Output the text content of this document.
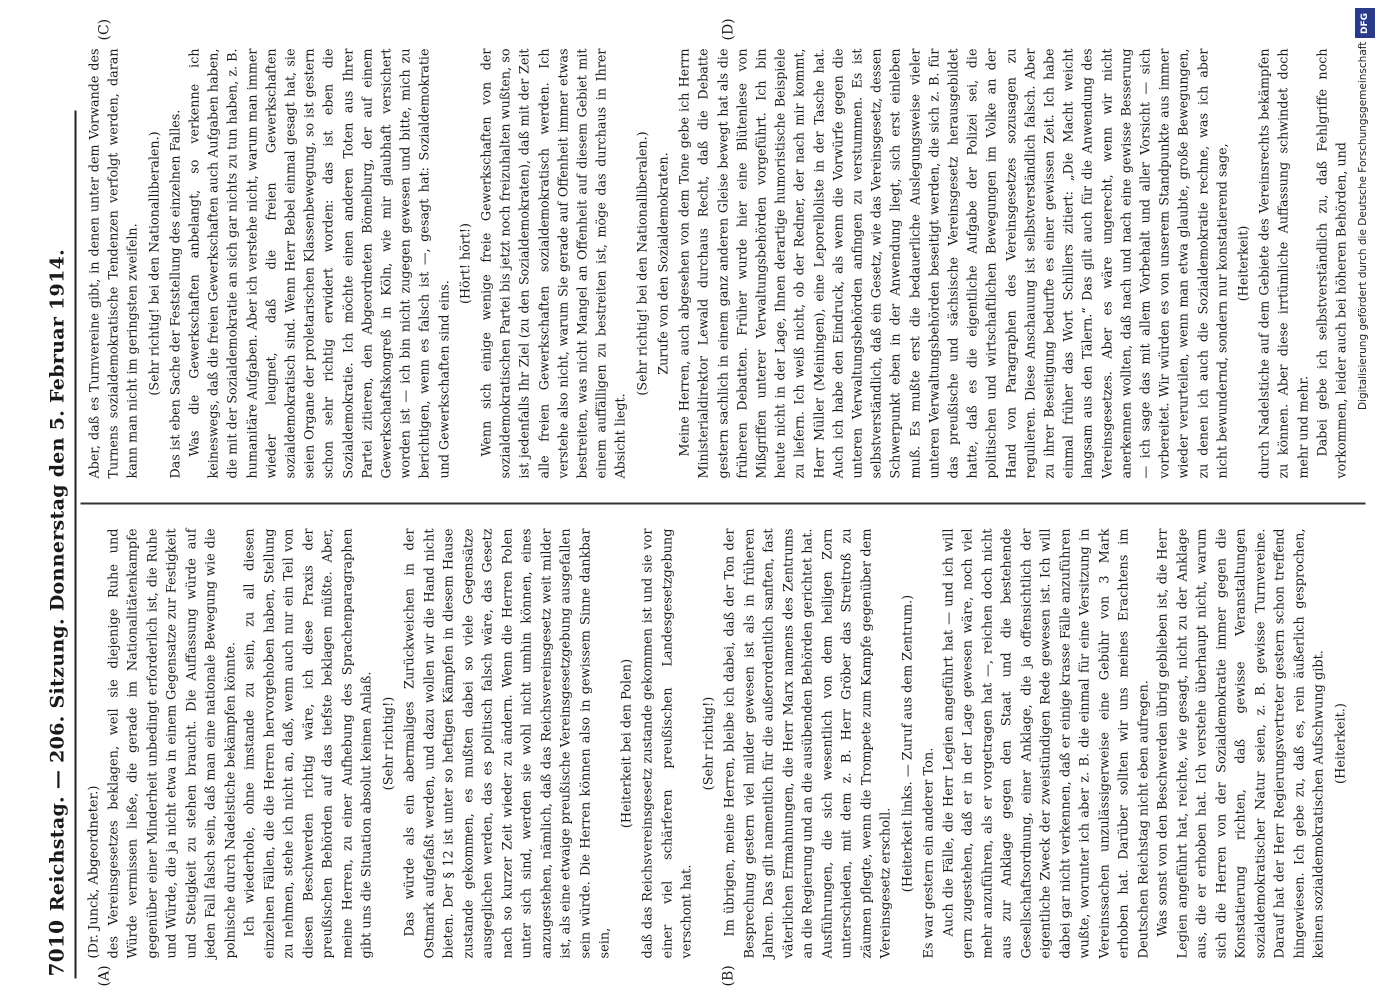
7010
Reichstag. — 206. Sitzung. Donnerstag den 5. Februar 1914.
(A)	(B)
(C)	(D)

(Dr. Junck, Abgeordneter.) des Vereinsgesetzes beklagen, weil sie diejenige Ruhe und Würde vermissen ließe, die gerade im Nationalitätenkampfe gegenüber einer Minderheit unbedingt erforderlich ist, die Ruhe und Würde, die ja nicht etwa in einem Gegensatze zur Festigkeit und Stetigkeit zu stehen braucht. Die Auffassung würde auf jeden Fall falsch sein, daß man eine nationale Bewegung wie die polnische durch Nadelstiche bekämpfen könnte. Ich wiederhole, ohne imstande zu sein, zu all diesen einzelnen Fällen, die die Herren hervorgehoben haben, Stellung zu nehmen, stehe ich nicht an, daß, wenn auch nur ein Teil von diesen Beschwerden richtig wäre, ich diese Praxis der preußischen Behörden auf das tiefste beklagen müßte. Aber, meine Herren, zu einer Aufhebung des Sprachenparagraphen gibt uns die Situation absolut keinen Anlaß. (Sehr richtig!) Das würde als ein abermaliges Zurückweichen in der Ostmark aufgefaßt werden, und dazu wollen wir die Hand nicht bieten. Der § 12 ist unter so heftigen Kämpfen in diesem Hause zustande gekommen, es mußten dabei so viele Gegensätze ausgeglichen werden, das es politisch falsch wäre, das Gesetz nach so kurzer Zeit wieder zu ändern. Wenn die Herren Polen unter sich sind, werden sie wohl nicht umhin können, eines anzugestehen, nämlich, daß das Reichsvereinsgesetz weit milder ist, als eine etwaige preußische Vereinsgesetzgebung ausgefallen sein würde. Die Herren können also in gewissem Sinne dankbar sein,

(Heiterkeit bei den Polen) daß das Reichsvereinsgesetz zustande gekommen ist und sie vor einer viel schärferen preußischen Landesgesetzgebung verschont hat.

(Sehr richtig!) Im übrigen, meine Herren, bleibe ich dabei, daß der Ton der Besprechung gestern viel milder gewesen ist als in früheren Jahren. Das gilt namentlich für die außerordentlich sanften, fast väterlichen Ermahnungen, die Herr Marx namens des Zentrums an die Regierung und an die ausübenden Behörden gerichtet hat. Ausführungen, die sich wesentlich von dem heiligen Zorn unterschieden, mit dem z. B. Herr Gröber das Streitroß zu zäumen pflegte, wenn die Trompete zum Kampfe gegenüber dem Vereinsgesetz erscholl. (Heiterkeit links. — Zuruf aus dem Zentrum.) Es war gestern ein anderer Ton. Auch die Fälle, die Herr Legien angeführt hat — und ich will gern zugestehen, daß er in der Lage gewesen wäre, noch viel mehr anzuführen, als er vorgetragen hat —, reichen doch nicht aus zur Anklage gegen den Staat und die bestehende Gesellschaftsordnung, einer Anklage, die ja offensichtlich der eigentliche Zweck der zweistündigen Rede gewesen ist. Ich will dabei gar nicht verkennen, daß er einige krasse Fälle anzuführen wußte, worunter ich aber z. B. die einmal für eine Versitzung in Vereinssachen unzulässigerweise eine Gebühr von 3 Mark erhoben hat. Darüber sollten wir uns meines Erachtens im Deutschen Reichstag nicht eben aufregen. Was sonst von den Beschwerden übrig geblieben ist, die Herr Legien angeführt hat, reichte, wie gesagt, nicht zu der Anklage aus, die er erhoben hat. Ich verstehe überhaupt nicht, warum sich die Herren von der Sozialdemokratie immer gegen die Konstatierung richten, daß gewisse Veranstaltungen sozialdemokratischer Natur seien, z. B. gewisse Turnvereine. Darauf hat der Herr Regierungsvertreter gestern schon treffend hingewiesen. Ich gebe zu, daß es, rein äußerlich gesprochen, keinen sozialdemokratischen Aufschwung gibt. (Heiterkeit.)

Aber, daß es Turnvereine gibt, in denen unter dem Vorwande des Turnens sozialdemokratische Tendenzen verfolgt werden, daran kann man nicht im geringsten zweifeln. (Sehr richtig! bei den Nationalliberalen.) Das ist eben Sache der Feststellung des einzelnen Falles. Was die Gewerkschaften anbelangt, so verkenne ich keineswegs, daß die freien Gewerkschaften auch Aufgaben haben, die mit der Sozialdemokratie an sich gar nichts zu tun haben, z. B. humanitäre Aufgaben. Aber ich verstehe nicht, warum man immer wieder leugnet, daß die freien Gewerkschaften sozialdemokratisch sind. Wenn Herr Bebel einmal gesagt hat, sie seien Organe der proletarischen Klassenbewegung, so ist gestern schon sehr richtig erwidert worden: das ist eben die Sozialdemokratie. Ich möchte einen anderen Toten aus Ihrer Partei zitieren, den Abgeordneten Bömelburg, der auf einem Gewerkschaftskongreß in Köln, wie mir glaubhaft versichert worden ist — ich bin nicht zugegen gewesen und bitte, mich zu berichtigen, wenn es falsch ist —, gesagt hat: Sozialdemokratie und Gewerkschaften sind eins.

(Hört! hört!) Wenn sich einige wenige freie Gewerkschaften von der sozialdemokratischen Partei bis jetzt noch freizuhalten wußten, so ist jedenfalls Ihr Ziel (zu den Sozialdemokraten), daß mit der Zeit alle freien Gewerkschaften sozialdemokratisch werden. Ich verstehe also nicht, warum Sie gerade auf Offenheit immer etwas bestreiten, was nicht Mangel an Offenheit auf diesem Gebiet mit einem auffälligen zu bestreiten ist, möge das durchaus in Ihrer Absicht liegt.

(Sehr richtig! bei den Nationalliberalen.) Zurufe von den Sozialdemokraten. Meine Herren, auch abgesehen von dem Tone gebe ich Herrn Ministerialdirektor Lewald durchaus Recht, daß die Debatte gestern sachlich in einem ganz anderen Gleise bewegt hat als die früheren Debatten. Früher wurde hier eine Blütenlese von Mißgriffen unterer Verwaltungsbehörden vorgeführt. Ich bin heute nicht in der Lage, Ihnen derartige humoristische Beispiele zu liefern. Ich weiß nicht, ob der Redner, der nach mir kommt, Herr Müller (Meiningen), eine Leporelloliste in der Tasche hat. Auch ich habe den Eindruck, als wenn die Vorwürfe gegen die unteren Verwaltungsbehörden anfingen zu verstummen. Es ist selbstverständlich, daß ein Gesetz, wie das Vereinsgesetz, dessen Schwerpunkt eben in der Anwendung liegt, sich erst einleben muß. Es mußte erst die bedauerliche Auslegungsweise vieler unteren Verwaltungsbehörden beseitigt werden, die sich z. B. für das preußische und sächsische Vereinsgesetz herausgebildet hatte, daß es die eigentliche Aufgabe der Polizei sei, die politischen und wirtschaftlichen Bewegungen im Volke an der Hand von Paragraphen des Vereinsgesetzes sozusagen zu regulieren. Diese Anschauung ist selbstverständlich falsch. Aber zu ihrer Beseitigung bedurfte es einer gewissen Zeit. Ich habe einmal früher das Wort Schillers zitiert: „Die Macht weicht langsam aus den Tälern.“ Das gilt auch für die Anwendung des Vereinsgesetzes. Aber es wäre ungerecht, wenn wir nicht anerkennen wollten, daß nach und nach eine gewisse Besserung — ich sage das mit allem Vorbehalt und aller Vorsicht — sich vorbereitet. Wir würden es von unserem Standpunkte aus immer wieder verurteilen, wenn man etwa glaubte, große Bewegungen, zu denen ich auch die Sozialdemokratie rechne, was ich aber nicht bewundernd, sondern nur konstatierend sage, (Heiterkeit) durch Nadelstiche auf dem Gebiete des Vereinsrechts bekämpfen zu können. Aber diese irrtümliche Auffassung schwindet doch mehr und mehr. Dabei gebe ich selbstverständlich zu, daß Fehlgriffe noch vorkommen, leider auch bei höheren Behörden, und

DFG
Digitalisierung gefördert durch die Deutsche Forschungsgemeinschaft
